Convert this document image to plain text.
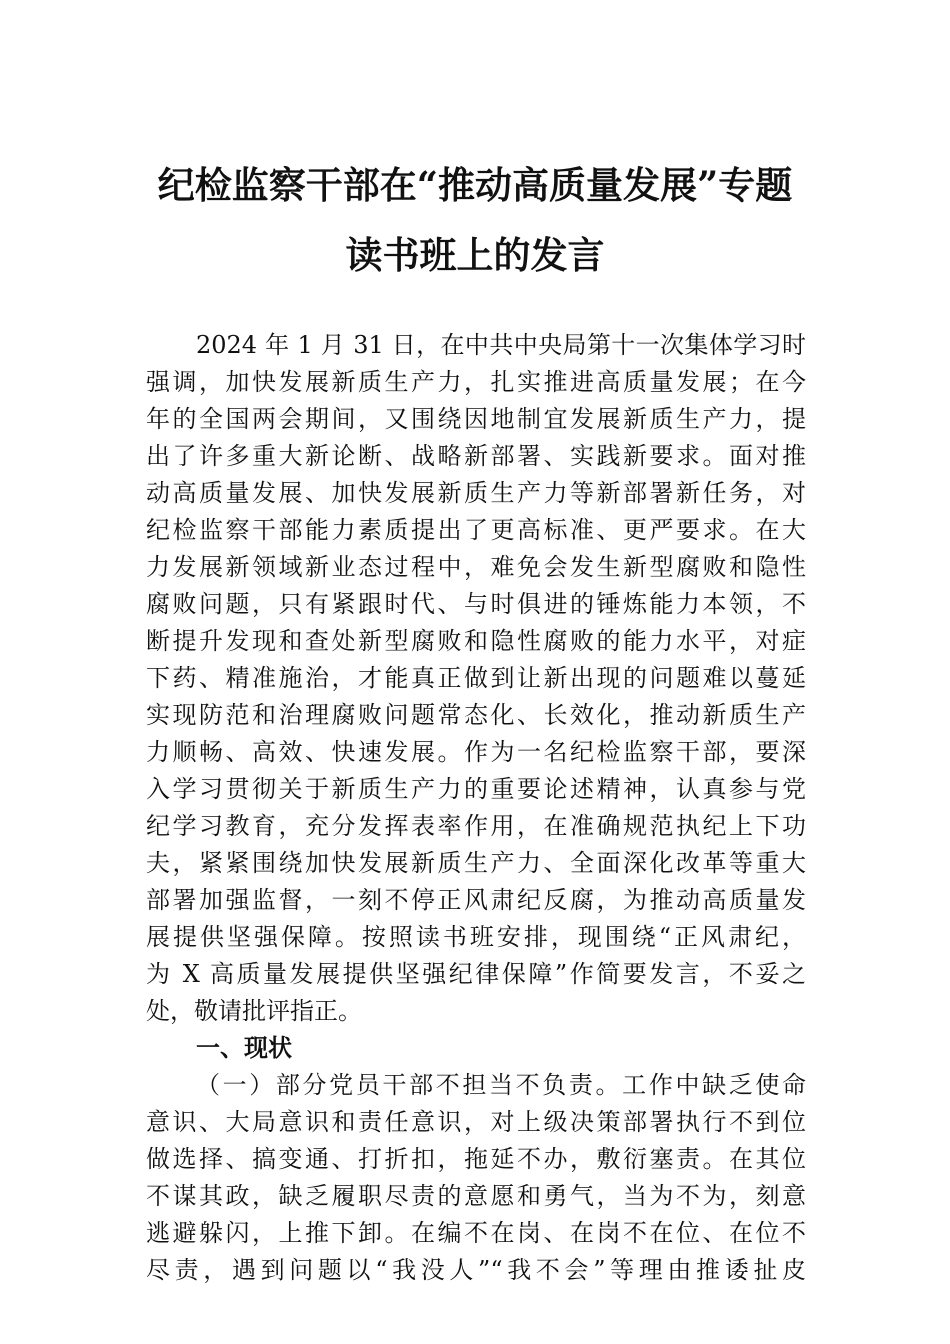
纪检监察干部在“推动高质量发展”专题
读书班上的发言
2024 年 1 月 31 日，在中共中央局第十一次集体学习时
强调，加快发展新质生产力，扎实推进高质量发展；在今
年的全国两会期间，又围绕因地制宜发展新质生产力，提
出了许多重大新论断、战略新部署、实践新要求。面对推
动高质量发展、加快发展新质生产力等新部署新任务，对
纪检监察干部能力素质提出了更高标准、更严要求。在大
力发展新领域新业态过程中，难免会发生新型腐败和隐性
腐败问题，只有紧跟时代、与时俱进的锤炼能力本领，不
断提升发现和查处新型腐败和隐性腐败的能力水平，对症
下药、精准施治，才能真正做到让新出现的问题难以蔓延
实现防范和治理腐败问题常态化、长效化，推动新质生产
力顺畅、高效、快速发展。作为一名纪检监察干部，要深
入学习贯彻关于新质生产力的重要论述精神，认真参与党
纪学习教育，充分发挥表率作用，在准确规范执纪上下功
夫，紧紧围绕加快发展新质生产力、全面深化改革等重大
部署加强监督，一刻不停正风肃纪反腐，为推动高质量发
展提供坚强保障。按照读书班安排，现围绕“正风肃纪，
为 X 高质量发展提供坚强纪律保障”作简要发言，不妥之
处，敬请批评指正。
一、现状
（一）部分党员干部不担当不负责。工作中缺乏使命
意识、大局意识和责任意识，对上级决策部署执行不到位
做选择、搞变通、打折扣，拖延不办，敷衍塞责。在其位
不谋其政，缺乏履职尽责的意愿和勇气，当为不为，刻意
逃避躲闪，上推下卸。在编不在岗、在岗不在位、在位不
尽责，遇到问题以“我没人”“我不会”等理由推诿扯皮
